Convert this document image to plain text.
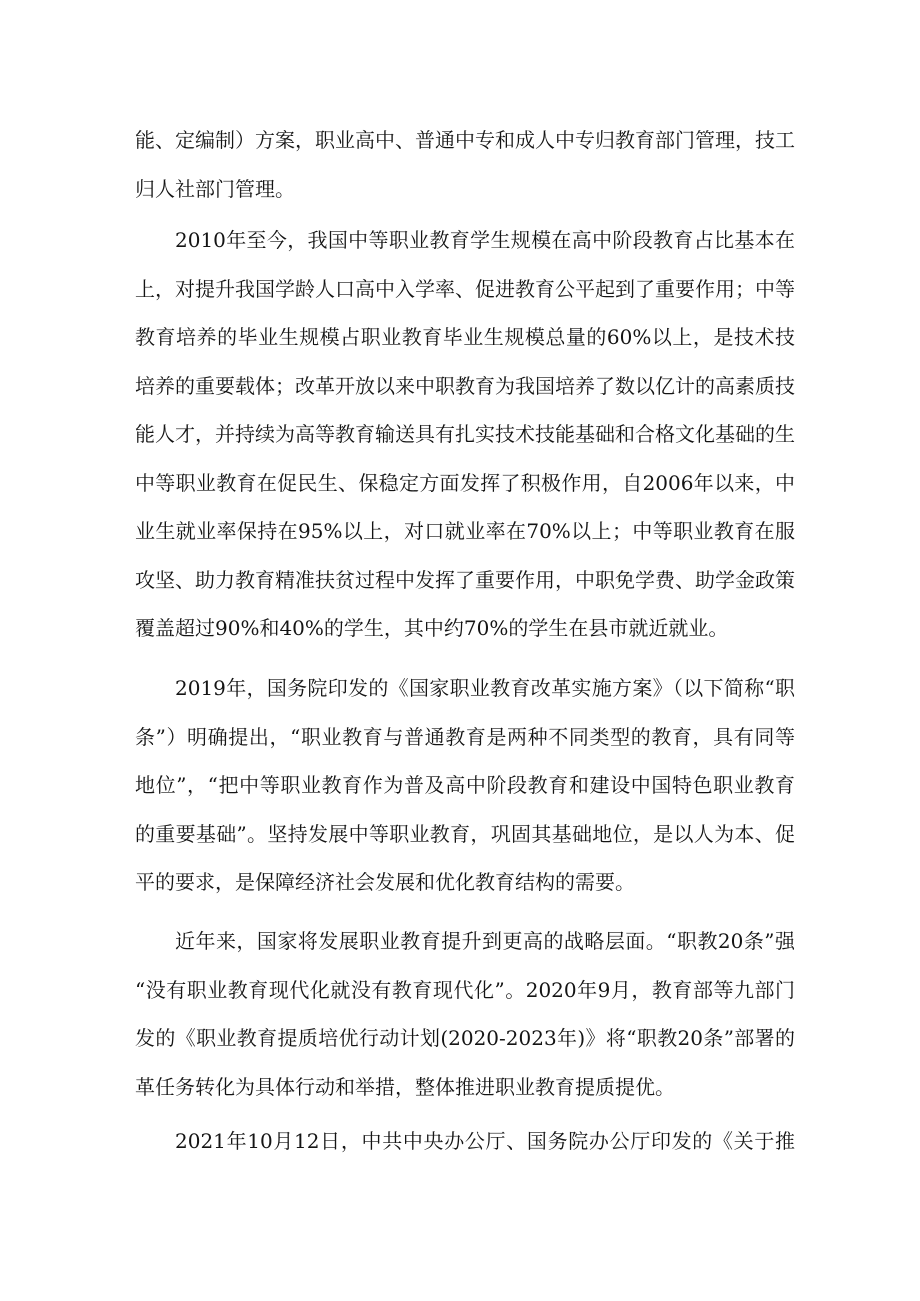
能、定编制）方案，职业高中、普通中专和成人中专归教育部门管理，技工
归人社部门管理。
2010年至今，我国中等职业教育学生规模在高中阶段教育占比基本在
上，对提升我国学龄人口高中入学率、促进教育公平起到了重要作用；中等
教育培养的毕业生规模占职业教育毕业生规模总量的60%以上，是技术技
培养的重要载体；改革开放以来中职教育为我国培养了数以亿计的高素质技
能人才，并持续为高等教育输送具有扎实技术技能基础和合格文化基础的生
中等职业教育在促民生、保稳定方面发挥了积极作用，自2006年以来，中
业生就业率保持在95%以上，对口就业率在70%以上；中等职业教育在服
攻坚、助力教育精准扶贫过程中发挥了重要作用，中职免学费、助学金政策
覆盖超过90%和40%的学生，其中约70%的学生在县市就近就业。
2019年，国务院印发的《国家职业教育改革实施方案》（以下简称“职
条”）明确提出，“职业教育与普通教育是两种不同类型的教育，具有同等
地位”，“把中等职业教育作为普及高中阶段教育和建设中国特色职业教育
的重要基础”。坚持发展中等职业教育，巩固其基础地位，是以人为本、促
平的要求，是保障经济社会发展和优化教育结构的需要。
近年来，国家将发展职业教育提升到更高的战略层面。“职教20条”强
“没有职业教育现代化就没有教育现代化”。2020年9月，教育部等九部门
发的《职业教育提质培优行动计划(2020-2023年)》将“职教20条”部署的
革任务转化为具体行动和举措，整体推进职业教育提质提优。
2021年10月12日，中共中央办公厅、国务院办公厅印发的《关于推
